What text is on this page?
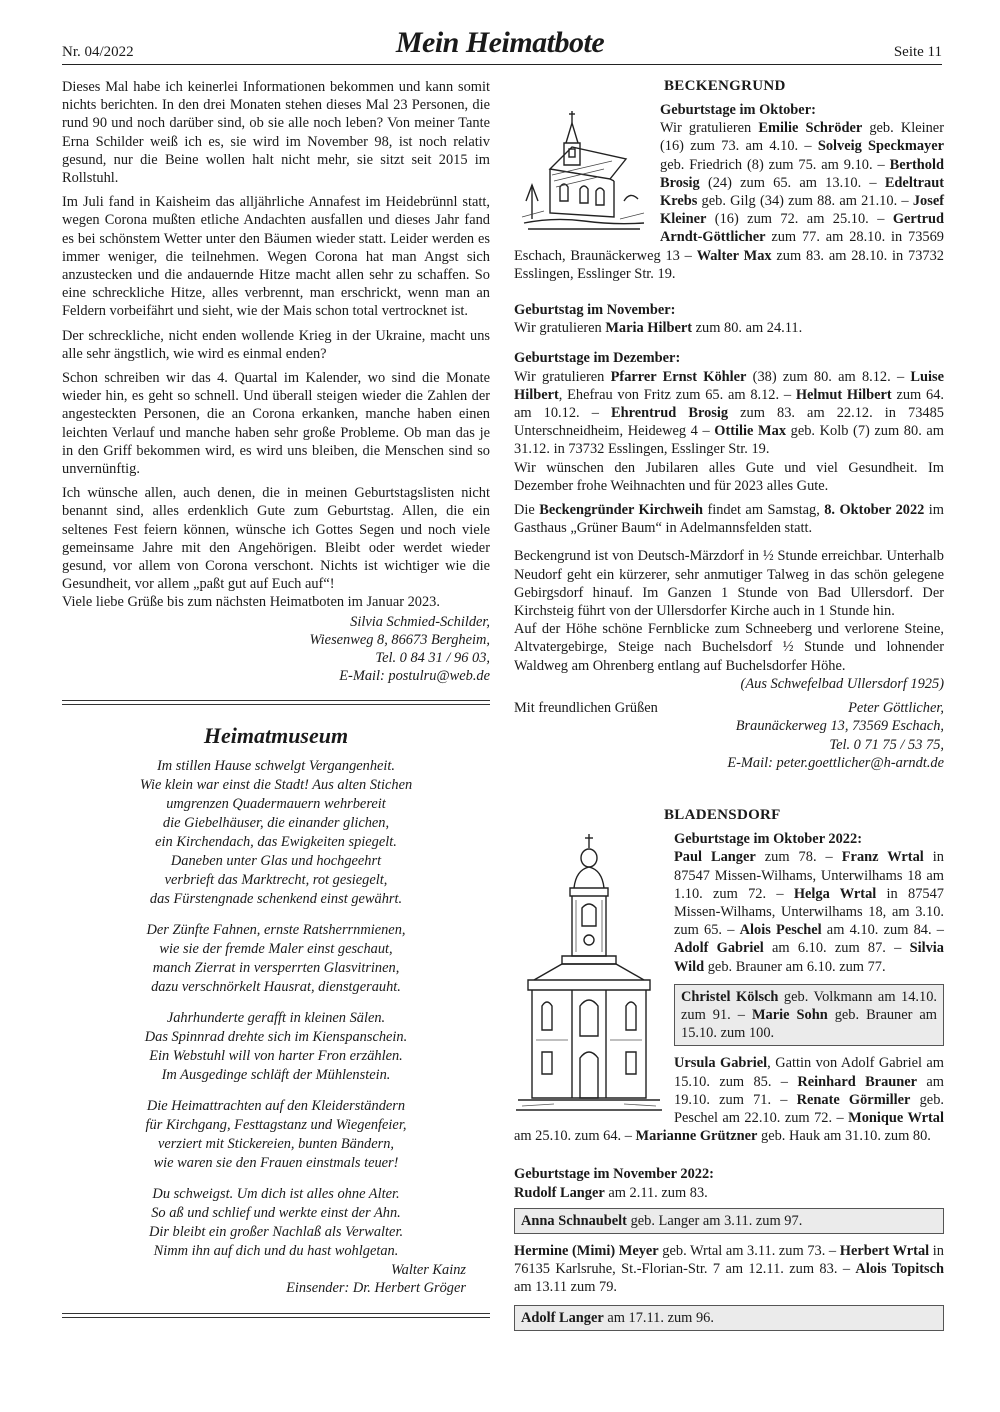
Nr. 04/2022	Mein Heimatbote	Seite 11

Dieses Mal habe ich keinerlei Informationen bekommen und kann somit nichts berichten. In den drei Monaten stehen dieses Mal 23 Personen, die rund 90 und noch darüber sind, ob sie alle noch leben? Von meiner Tante Erna Schilder weiß ich es, sie wird im November 98, ist noch relativ gesund, nur die Beine wollen halt nicht mehr, sie sitzt seit 2015 im Rollstuhl.

Im Juli fand in Kaisheim das alljährliche Annafest im Heidebrünnl statt, wegen Corona mußten etliche Andachten ausfallen und dieses Jahr fand es bei schönstem Wetter unter den Bäumen wieder statt. Leider werden es immer weniger, die teilnehmen. Wegen Corona hat man Angst sich anzustecken und die andauernde Hitze macht allen sehr zu schaffen. So eine schreckliche Hitze, alles verbrennt, man erschrickt, wenn man an Feldern vorbeifährt und sieht, wie der Mais schon total vertrocknet ist.

Der schreckliche, nicht enden wollende Krieg in der Ukraine, macht uns alle sehr ängstlich, wie wird es einmal enden?

Schon schreiben wir das 4. Quartal im Kalender, wo sind die Monate wieder hin, es geht so schnell. Und überall steigen wieder die Zahlen der angesteckten Personen, die an Corona erkanken, manche haben einen leichten Verlauf und manche haben sehr große Probleme. Ob man das je in den Griff bekommen wird, es wird uns bleiben, die Menschen sind so unvernünftig.

Ich wünsche allen, auch denen, die in meinen Geburtstagslisten nicht benannt sind, alles erdenklich Gute zum Geburtstag. Allen, die ein seltenes Fest feiern können, wünsche ich Gottes Segen und noch viele gemeinsame Jahre mit den Angehörigen. Bleibt oder werdet wieder gesund, vor allem von Corona verschont. Nichts ist wichtiger wie die Gesundheit, vor allem „paßt gut auf Euch auf“!

Viele liebe Grüße bis zum nächsten Heimatboten im Januar 2023.

Silvia Schmied-Schilder,
Wiesenweg 8, 86673 Bergheim,
Tel. 0 84 31 / 96 03,
E-Mail: postulru@web.de
Heimatmuseum
Im stillen Hause schwelgt Vergangenheit.
Wie klein war einst die Stadt! Aus alten Stichen
umgrenzen Quadermauern wehrbereit
die Giebelhäuser, die einander glichen,
ein Kirchendach, das Ewigkeiten spiegelt.
Daneben unter Glas und hochgeehrt
verbrieft das Marktrecht, rot gesiegelt,
das Fürstengnade schenkend einst gewährt.
Der Zünfte Fahnen, ernste Ratsherrnmienen,
wie sie der fremde Maler einst geschaut,
manch Zierrat in versperrten Glasvitrinen,
dazu verschnörkelt Hausrat, dienstgerauht.
Jahrhunderte gerafft in kleinen Sälen.
Das Spinnrad drehte sich im Kienspanschein.
Ein Webstuhl will von harter Fron erzählen.
Im Ausgedinge schläft der Mühlenstein.
Die Heimattrachten auf den Kleiderständern
für Kirchgang, Festtagstanz und Wiegenfeier,
verziert mit Stickereien, bunten Bändern,
wie waren sie den Frauen einstmals teuer!
Du schweigst. Um dich ist alles ohne Alter.
So aß und schlief und werkte einst der Ahn.
Dir bleibt ein großer Nachlaß als Verwalter.
Nimm ihn auf dich und du hast wohlgetan.
Walter Kainz
Einsender: Dr. Herbert Gröger
BECKENGRUND
Geburtstage im Oktober:

Wir gratulieren Emilie Schröder geb. Kleiner (16) zum 73. am 4.10. – Solveig Speckmayer geb. Friedrich (8) zum 75. am 9.10. – Berthold Brosig (24) zum 65. am 13.10. – Edeltraut Krebs geb. Gilg (34) zum 88. am 21.10. – Josef Kleiner (16) zum 72. am 25.10. – Gertrud Arndt-Göttlicher zum 77. am 28.10. in 73569 Eschach, Braunäckerweg 13 – Walter Max zum 83. am 28.10. in 73732 Esslingen, Esslinger Str. 19.

Geburtstag im November:

Wir gratulieren Maria Hilbert zum 80. am 24.11.

Geburtstage im Dezember:

Wir gratulieren Pfarrer Ernst Köhler (38) zum 80. am 8.12. – Luise Hilbert, Ehefrau von Fritz zum 65. am 8.12. – Helmut Hilbert zum 64. am 10.12. – Ehrentrud Brosig zum 83. am 22.12. in 73485 Unterschneidheim, Heideweg 4 – Ottilie Max geb. Kolb (7) zum 80. am 31.12. in 73732 Esslingen, Esslinger Str. 19.

Wir wünschen den Jubilaren alles Gute und viel Gesundheit. Im Dezember frohe Weihnachten und für 2023 alles Gute.

Die Beckengründer Kirchweih findet am Samstag, 8. Oktober 2022 im Gasthaus „Grüner Baum“ in Adelmannsfelden statt.

Beckengrund ist von Deutsch-Märzdorf in ½ Stunde erreichbar. Unterhalb Neudorf geht ein kürzerer, sehr anmutiger Talweg in das schön gelegene Gebirgsdorf hinauf. Im Ganzen 1 Stunde von Bad Ullersdorf. Der Kirchsteig führt von der Ullersdorfer Kirche auch in 1 Stunde hin.

Auf der Höhe schöne Fernblicke zum Schneeberg und verlorene Steine, Altvatergebirge, Steige nach Buchelsdorf ½ Stunde und lohnender Waldweg am Ohrenberg entlang auf Buchelsdorfer Höhe.

(Aus Schwefelbad Ullersdorf 1925)
Mit freundlichen Grüßen	Peter Göttlicher,
Braunäckerweg 13, 73569 Eschach,
Tel. 0 71 75 / 53 75,
E-Mail: peter.goettlicher@h-arndt.de
BLADENSDORF
Geburtstage im Oktober 2022:

Paul Langer zum 78. – Franz Wrtal in 87547 Missen-Wilhams, Unterwilhams 18 am 1.10. zum 72. – Helga Wrtal in 87547 Missen-Wilhams, Unterwilhams 18, am 3.10. zum 65. – Alois Peschel am 4.10. zum 84. – Adolf Gabriel am 6.10. zum 87. – Silvia Wild geb. Brauner am 6.10. zum 77.

Christel Kölsch geb. Volkmann am 14.10. zum 91. – Marie Sohn geb. Brauner am 15.10. zum 100.

Ursula Gabriel, Gattin von Adolf Gabriel am 15.10. zum 85. – Reinhard Brauner am 19.10. zum 71. – Renate Görmiller geb. Peschel am 22.10. zum 72. – Monique Wrtal am 25.10. zum 64. – Marianne Grützner geb. Hauk am 31.10. zum 80.

Geburtstage im November 2022:

Rudolf Langer am 2.11. zum 83.

Anna Schnaubelt geb. Langer am 3.11. zum 97.

Hermine (Mimi) Meyer geb. Wrtal am 3.11. zum 73. – Herbert Wrtal in 76135 Karlsruhe, St.-Florian-Str. 7 am 12.11. zum 83. – Alois Topitsch am 13.11 zum 79.

Adolf Langer am 17.11. zum 96.
